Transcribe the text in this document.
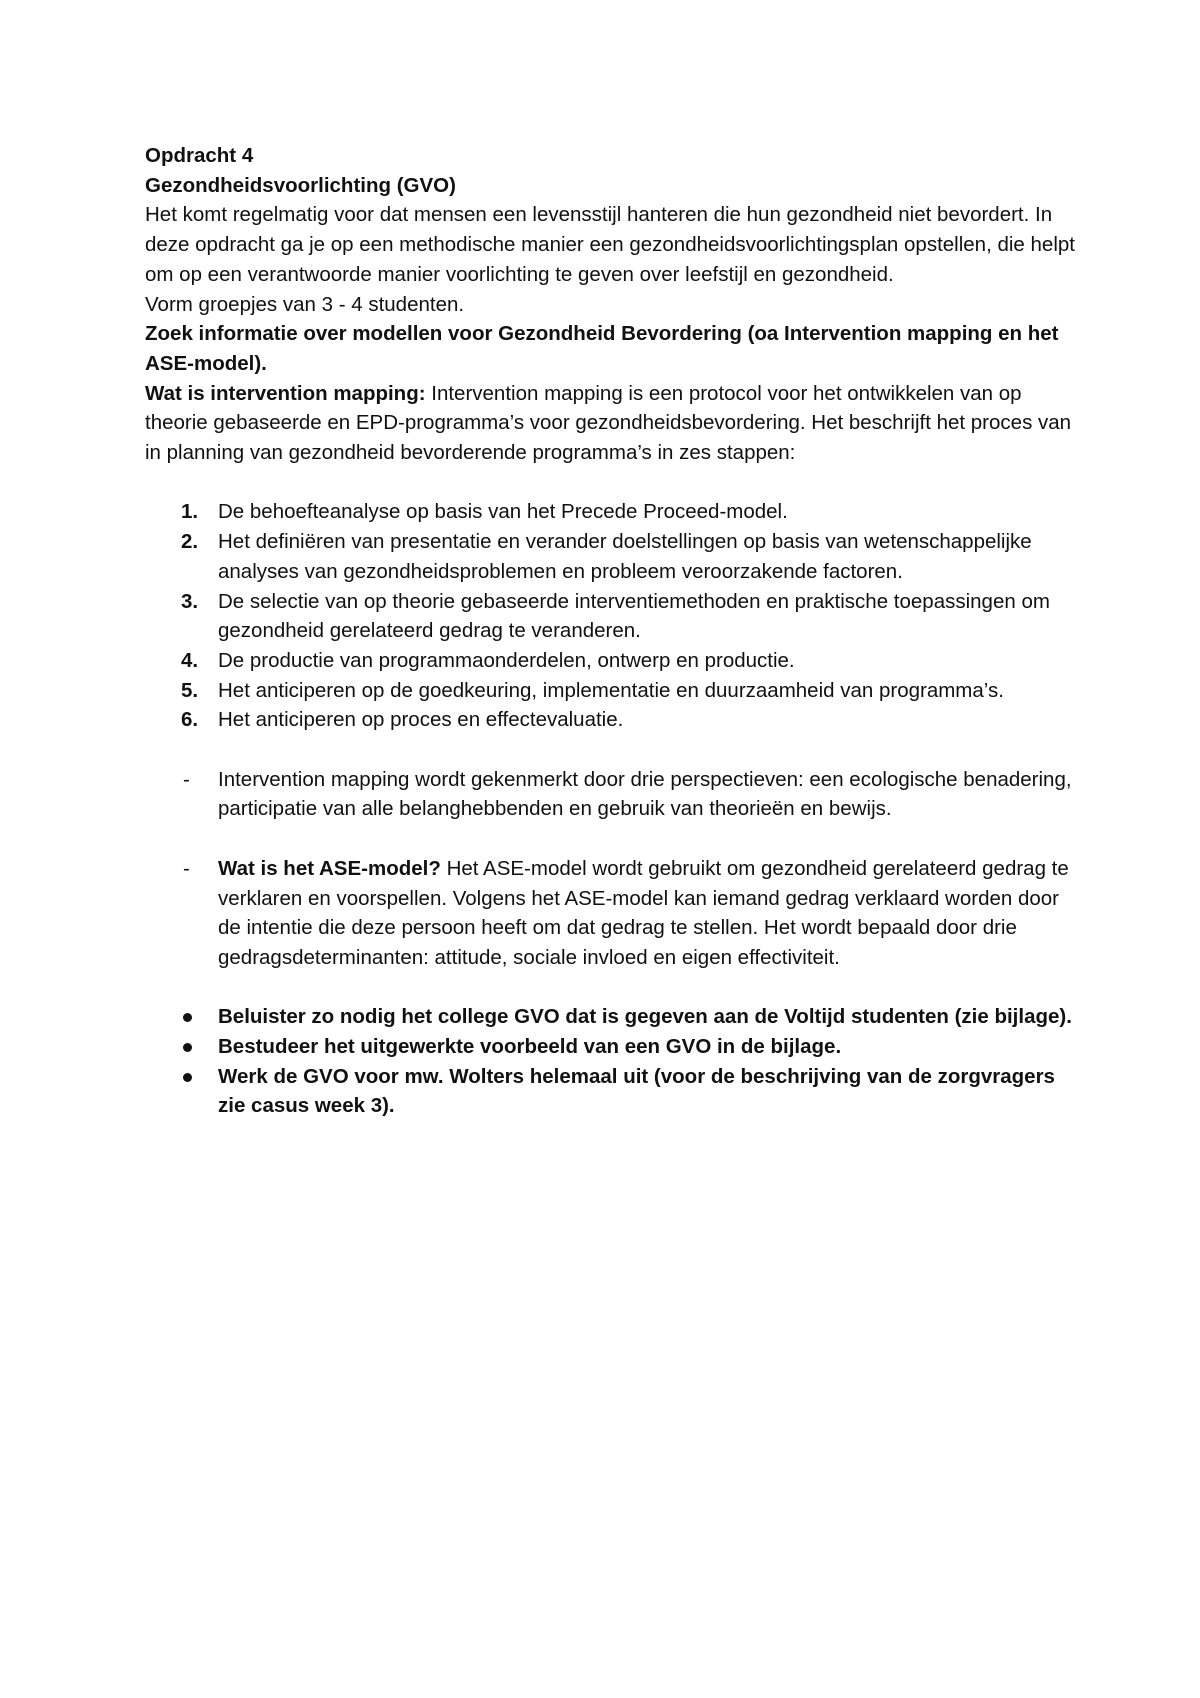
Opdracht 4
Gezondheidsvoorlichting (GVO)
Het komt regelmatig voor dat mensen een levensstijl hanteren die hun gezondheid niet bevordert. In deze opdracht ga je op een methodische manier een gezondheidsvoorlichtingsplan opstellen, die helpt om op een verantwoorde manier voorlichting te geven over leefstijl en gezondheid.
Vorm groepjes van 3 - 4 studenten.
Zoek informatie over modellen voor Gezondheid Bevordering (oa Intervention mapping en het ASE-model).
Wat is intervention mapping: Intervention mapping is een protocol voor het ontwikkelen van op theorie gebaseerde en EPD-programma’s voor gezondheidsbevordering. Het beschrijft het proces van in planning van gezondheid bevorderende programma’s in zes stappen:
1. De behoefteanalyse op basis van het Precede Proceed-model.
2. Het definiëren van presentatie en verander doelstellingen op basis van wetenschappelijke analyses van gezondheidsproblemen en probleem veroorzakende factoren.
3. De selectie van op theorie gebaseerde interventiemethoden en praktische toepassingen om gezondheid gerelateerd gedrag te veranderen.
4. De productie van programmaonderdelen, ontwerp en productie.
5. Het anticiperen op de goedkeuring, implementatie en duurzaamheid van programma’s.
6. Het anticiperen op proces en effectevaluatie.
- Intervention mapping wordt gekenmerkt door drie perspectieven: een ecologische benadering, participatie van alle belanghebbenden en gebruik van theorieën en bewijs.
- Wat is het ASE-model? Het ASE-model wordt gebruikt om gezondheid gerelateerd gedrag te verklaren en voorspellen. Volgens het ASE-model kan iemand gedrag verklaard worden door de intentie die deze persoon heeft om dat gedrag te stellen. Het wordt bepaald door drie gedragsdeterminanten: attitude, sociale invloed en eigen effectiviteit.
Beluister zo nodig het college GVO dat is gegeven aan de Voltijd studenten (zie bijlage).
Bestudeer het uitgewerkte voorbeeld van een GVO in de bijlage.
Werk de GVO voor mw. Wolters helemaal uit (voor de beschrijving van de zorgvragers zie casus week 3).
